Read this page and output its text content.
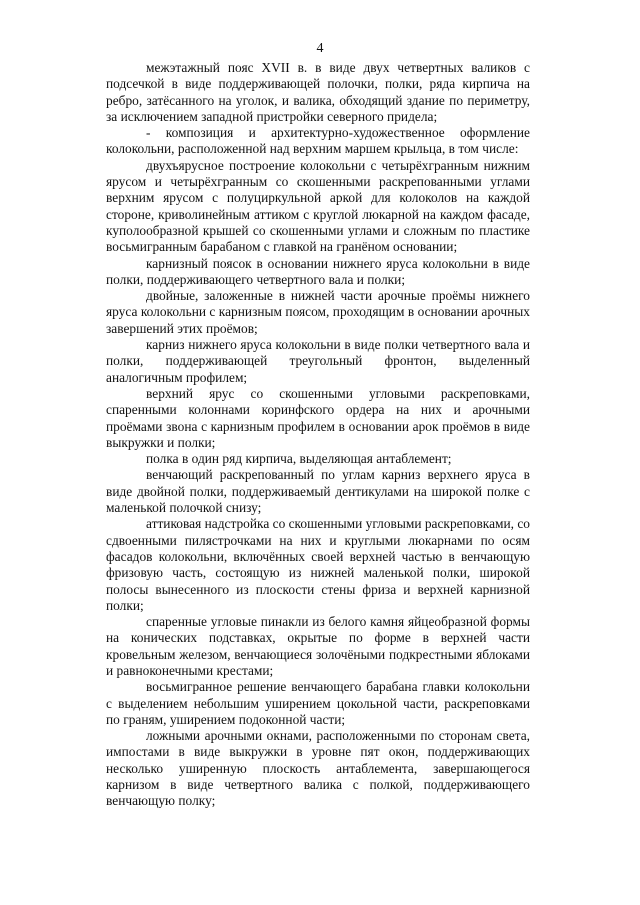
4

межэтажный пояс XVII в. в виде двух четвертных валиков с подсечкой в виде поддерживающей полочки, полки, ряда кирпича на ребро, затёсанного на уголок, и валика, обходящий здание по периметру, за исключением западной пристройки северного придела;

- композиция и архитектурно-художественное оформление колокольни, расположенной над верхним маршем крыльца, в том числе:

двухъярусное построение колокольни с четырёхгранным нижним ярусом и четырёхгранным со скошенными раскрепованными углами верхним ярусом с полуциркульной аркой для колоколов на каждой стороне, криволинейным аттиком с круглой люкарной на каждом фасаде, куполообразной крышей со скошенными углами и сложным по пластике восьмигранным барабаном с главкой на гранёном основании;

карнизный поясок в основании нижнего яруса колокольни в виде полки, поддерживающего четвертного вала и полки;

двойные, заложенные в нижней части арочные проёмы нижнего яруса колокольни с карнизным поясом, проходящим в основании арочных завершений этих проёмов;

карниз нижнего яруса колокольни в виде полки четвертного вала и полки, поддерживающей треугольный фронтон, выделенный аналогичным профилем;

верхний ярус со скошенными угловыми раскреповками, спаренными колоннами коринфского ордера на них и арочными проёмами звона с карнизным профилем в основании арок проёмов в виде выкружки и полки;

полка в один ряд кирпича, выделяющая антаблемент;

венчающий раскрепованный по углам карниз верхнего яруса в виде двойной полки, поддерживаемый дентикулами на широкой полке с маленькой полочкой снизу;

аттиковая надстройка со скошенными угловыми раскреповками, со сдвоенными пилястрочками на них и круглыми люкарнами по осям фасадов колокольни, включённых своей верхней частью в венчающую фризовую часть, состоящую из нижней маленькой полки, широкой полосы вынесенного из плоскости стены фриза и верхней карнизной полки;

спаренные угловые пинакли из белого камня яйцеобразной формы на конических подставках, окрытые по форме в верхней части кровельным железом, венчающиеся золочёными подкрестными яблоками и равноконечными крестами;

восьмигранное решение венчающего барабана главки колокольни с выделением небольшим уширением цокольной части, раскреповками по граням, уширением подоконной части;

ложными арочными окнами, расположенными по сторонам света, импостами в виде выкружки в уровне пят окон, поддерживающих несколько уширенную плоскость антаблемента, завершающегося карнизом в виде четвертного валика с полкой, поддерживающего венчающую полку;
